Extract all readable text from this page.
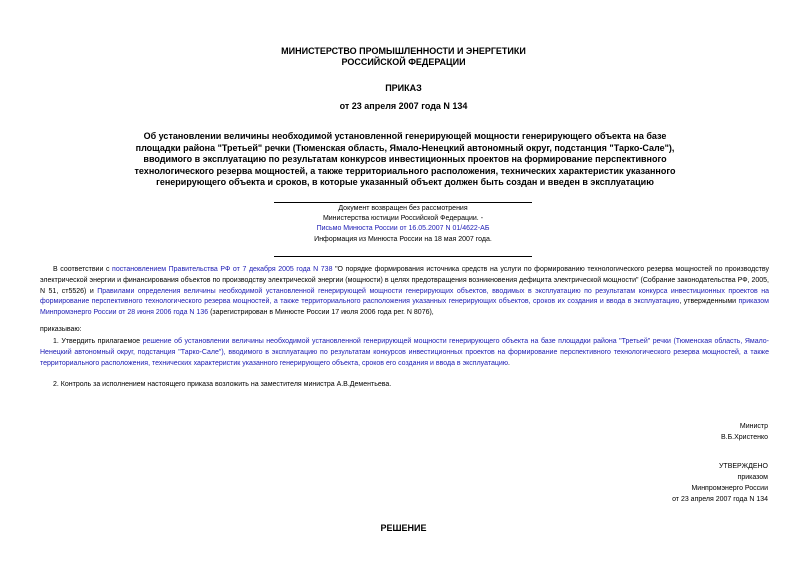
МИНИСТЕРСТВО ПРОМЫШЛЕННОСТИ И ЭНЕРГЕТИКИ
РОССИЙСКОЙ ФЕДЕРАЦИИ
ПРИКАЗ
от 23 апреля 2007 года N 134
Об установлении величины необходимой установленной генерирующей мощности генерирующего объекта на базе
площадки района "Третьей" речки (Тюменская область, Ямало-Ненецкий автономный округ, подстанция "Тарко-Сале"),
вводимого в эксплуатацию по результатам конкурсов инвестиционных проектов на формирование перспективного
технологического резерва мощностей, а также территориального расположения, технических характеристик указанного
генерирующего объекта и сроков, в которые указанный объект должен быть создан и введен в эксплуатацию
Документ возвращен без рассмотрения
Министерства юстиции Российской Федерации. -
Письмо Минюста России от 16.05.2007 N 01/4622-АБ
Информация из Минюста России на 18 мая 2007 года.
В соответствии с постановлением Правительства РФ от 7 декабря 2005 года N 738 "О порядке формирования источника средств на услуги по формированию технологического резерва мощностей по производству электрической энергии и финансирования объектов по производству электрической энергии (мощности) в целях предотвращения возникновения дефицита электрической мощности" (Собрание законодательства РФ, 2005, N 51, ст5526) и Правилами определения величины необходимой установленной генерирующей мощности генерирующих объектов, вводимых в эксплуатацию по результатам конкурса инвестиционных проектов на формирование перспективного технологического резерва мощностей, а также территориального расположения указанных генерирующих объектов, сроков их создания и ввода в эксплуатацию, утвержденными приказом Минпромэнерго России от 28 июня 2006 года N 136 (зарегистрирован в Минюсте России 17 июля 2006 года рег. N 8076),
приказываю:
1. Утвердить прилагаемое решение об установлении величины необходимой установленной генерирующей мощности генерирующего объекта на базе площадки района "Третьей" речки (Тюменская область, Ямало-Ненецкий автономный округ, подстанция "Тарко-Сале"), вводимого в эксплуатацию по результатам конкурсов инвестиционных проектов на формирование перспективного технологического резерва мощностей, а также территориального расположения, технических характеристик указанного генерирующего объекта, сроков его создания и ввода в эксплуатацию.
2. Контроль за исполнением настоящего приказа возложить на заместителя министра А.В.Дементьева.
Министр
В.Б.Христенко
УТВЕРЖДЕНО
приказом
Минпромэнерго России
от 23 апреля 2007 года N 134
РЕШЕНИЕ
